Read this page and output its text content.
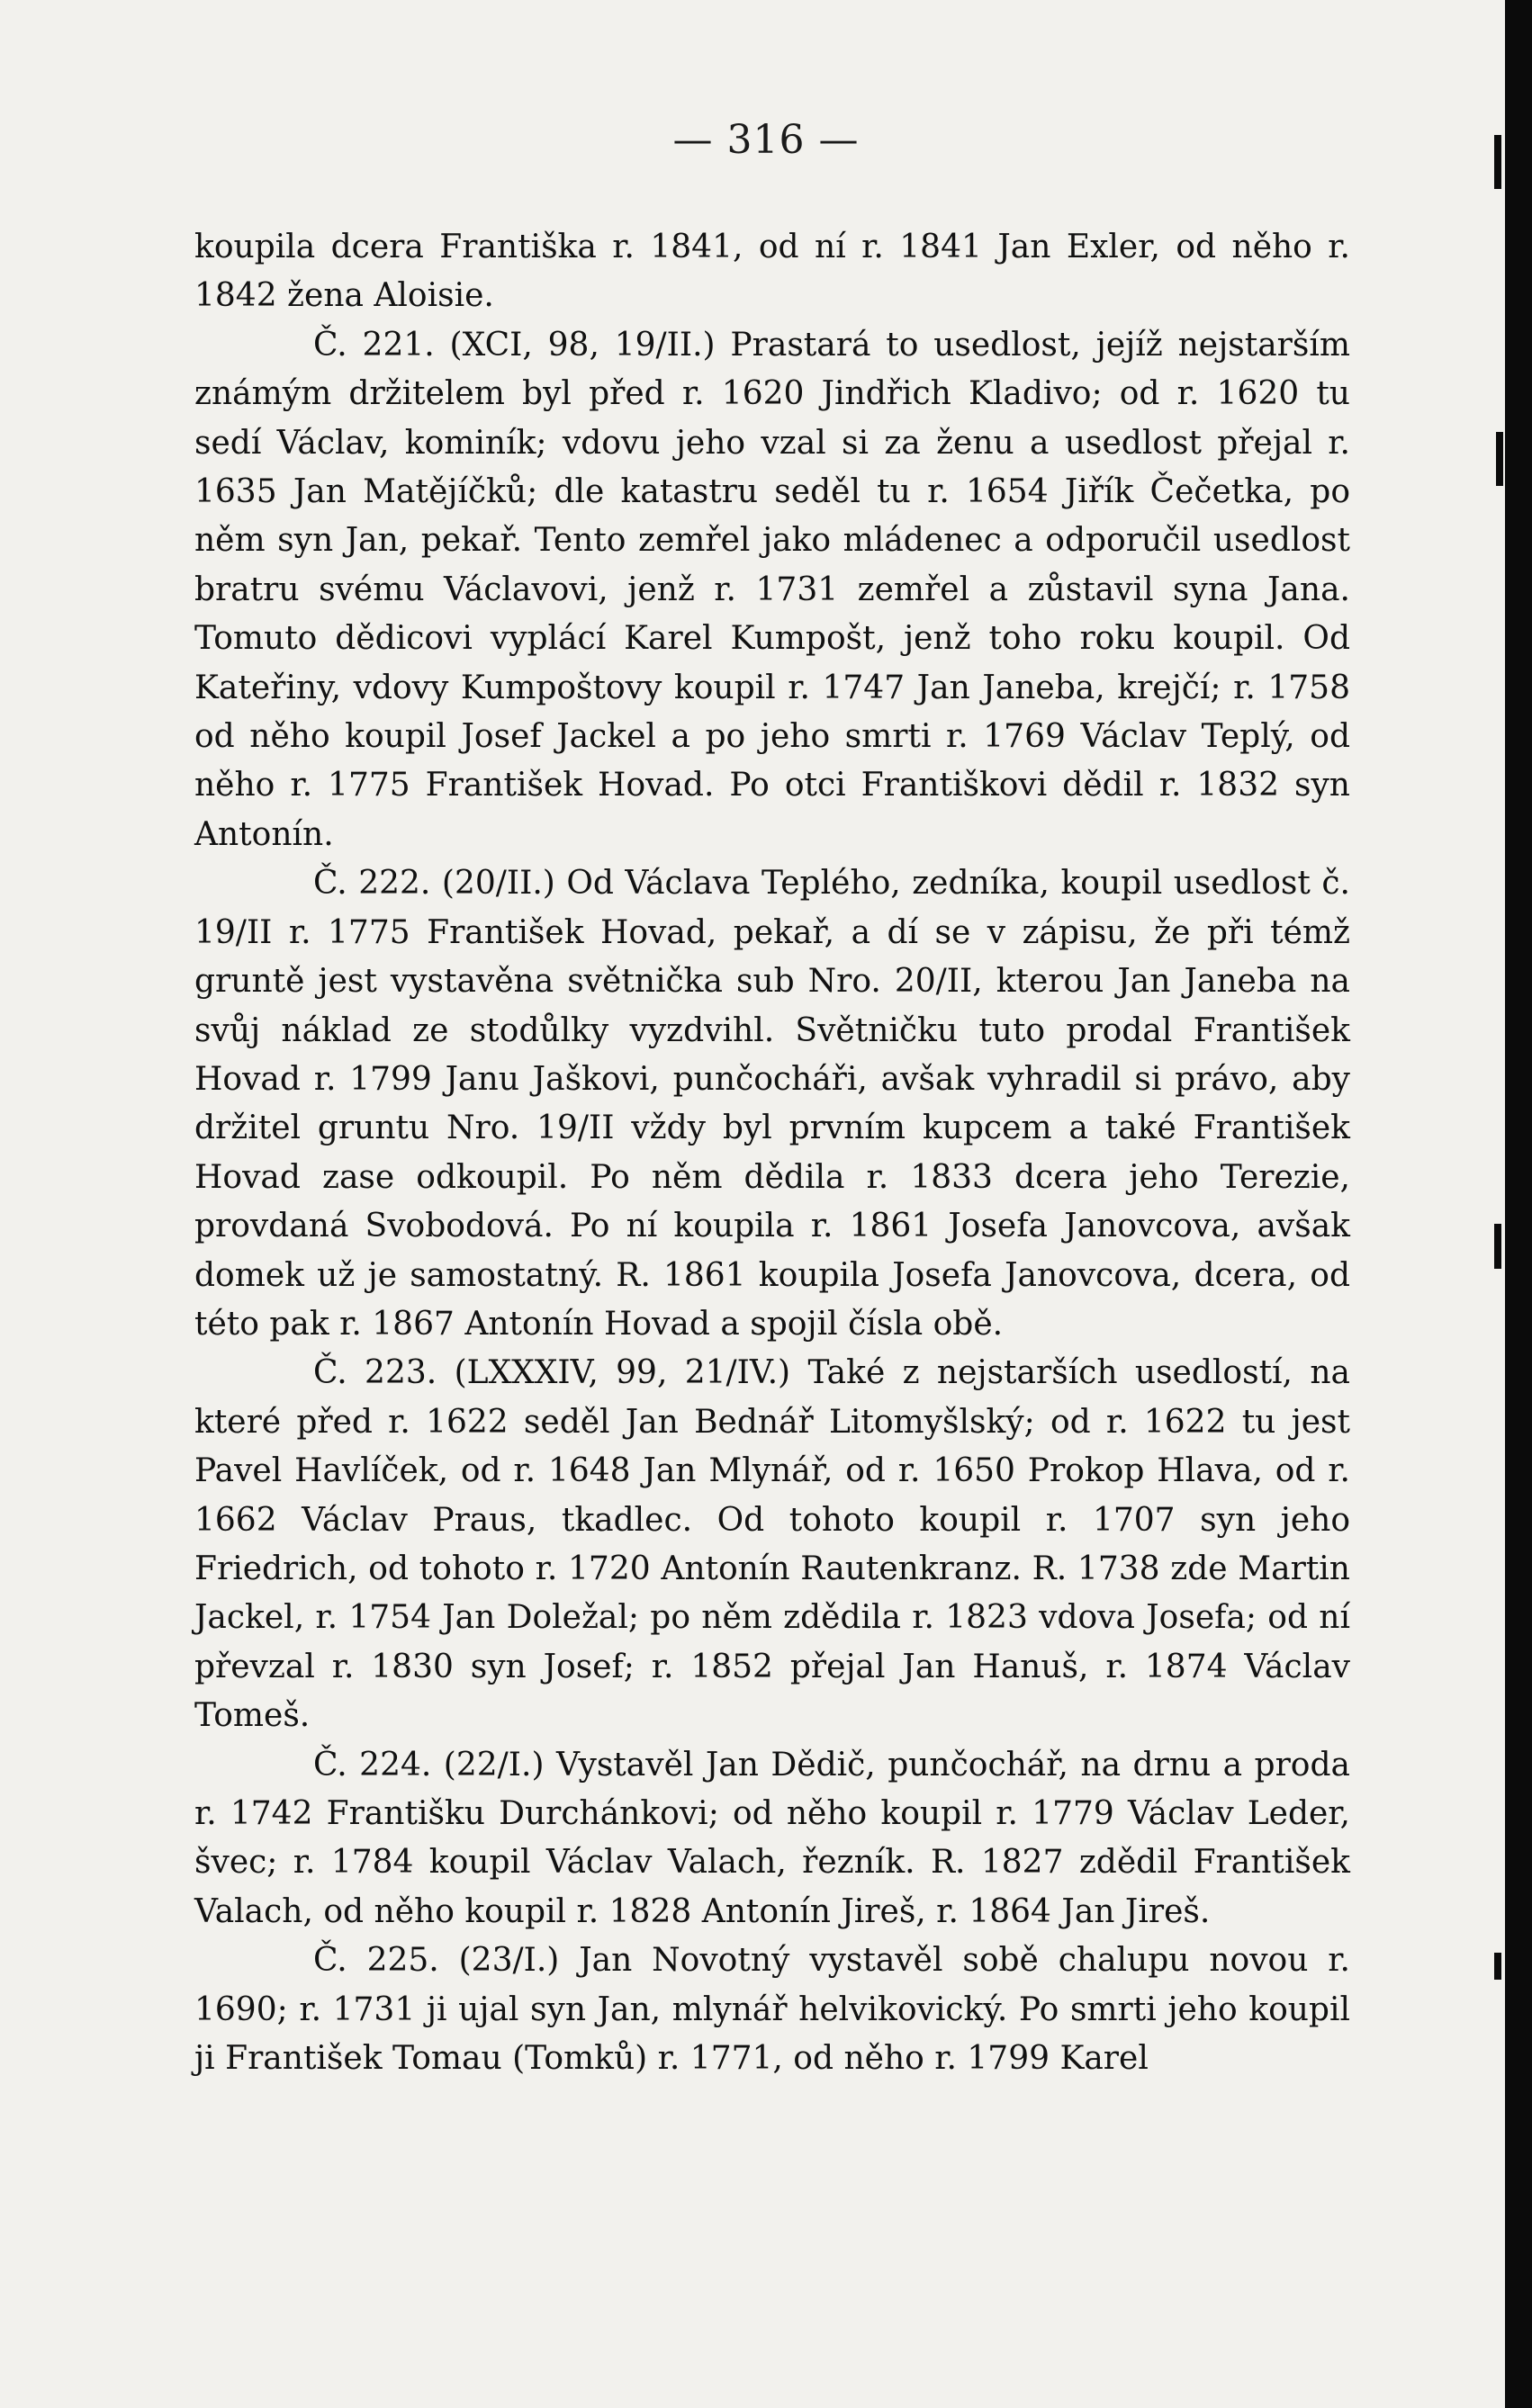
— 316 —

koupila dcera Františka r. 1841, od ní r. 1841 Jan Exler, od něho r. 1842 žena Aloisie.

Č. 221. (XCI, 98, 19/II.) Prastará to usedlost, jejíž nejstarším známým držitelem byl před r. 1620 Jindřich Kladivo; od r. 1620 tu sedí Václav, kominík; vdovu jeho vzal si za ženu a usedlost přejal r. 1635 Jan Matějíčků; dle katastru seděl tu r. 1654 Jiřík Čečetka, po něm syn Jan, pekař. Tento zemřel jako mládenec a odporučil usedlost bratru svému Václavovi, jenž r. 1731 zemřel a zůstavil syna Jana. Tomuto dědicovi vyplácí Karel Kumpošt, jenž toho roku koupil. Od Kateřiny, vdovy Kumpoštovy koupil r. 1747 Jan Janeba, krejčí; r. 1758 od něho koupil Josef Jackel a po jeho smrti r. 1769 Václav Teplý, od něho r. 1775 František Hovad. Po otci Františkovi dědil r. 1832 syn Antonín.

Č. 222. (20/II.) Od Václava Teplého, zedníka, koupil usedlost č. 19/II r. 1775 František Hovad, pekař, a dí se v zápisu, že při témž gruntě jest vystavěna světnička sub Nro. 20/II, kterou Jan Janeba na svůj náklad ze stodůlky vyzdvihl. Světničku tuto prodal František Hovad r. 1799 Janu Jaškovi, punčocháři, avšak vyhradil si právo, aby držitel gruntu Nro. 19/II vždy byl prvním kupcem a také František Hovad zase odkoupil. Po něm dědila r. 1833 dcera jeho Terezie, provdaná Svobodová. Po ní koupila r. 1861 Josefa Janovcova, avšak domek už je samostatný. R. 1861 koupila Josefa Janovcova, dcera, od této pak r. 1867 Antonín Hovad a spojil čísla obě.

Č. 223. (LXXXIV, 99, 21/IV.) Také z nejstarších usedlostí, na které před r. 1622 seděl Jan Bednář Litomyšlský; od r. 1622 tu jest Pavel Havlíček, od r. 1648 Jan Mlynář, od r. 1650 Prokop Hlava, od r. 1662 Václav Praus, tkadlec. Od tohoto koupil r. 1707 syn jeho Friedrich, od tohoto r. 1720 Antonín Rautenkranz. R. 1738 zde Martin Jackel, r. 1754 Jan Doležal; po něm zdědila r. 1823 vdova Josefa; od ní převzal r. 1830 syn Josef; r. 1852 přejal Jan Hanuš, r. 1874 Václav Tomeš.

Č. 224. (22/I.) Vystavěl Jan Dědič, punčochář, na drnu a proda r. 1742 Františku Durchánkovi; od něho koupil r. 1779 Václav Leder, švec; r. 1784 koupil Václav Valach, řezník. R. 1827 zdědil František Valach, od něho koupil r. 1828 Antonín Jireš, r. 1864 Jan Jireš.

Č. 225. (23/I.) Jan Novotný vystavěl sobě chalupu novou r. 1690; r. 1731 ji ujal syn Jan, mlynář helvikovický. Po smrti jeho koupil ji František Tomau (Tomků) r. 1771, od něho r. 1799 Karel
